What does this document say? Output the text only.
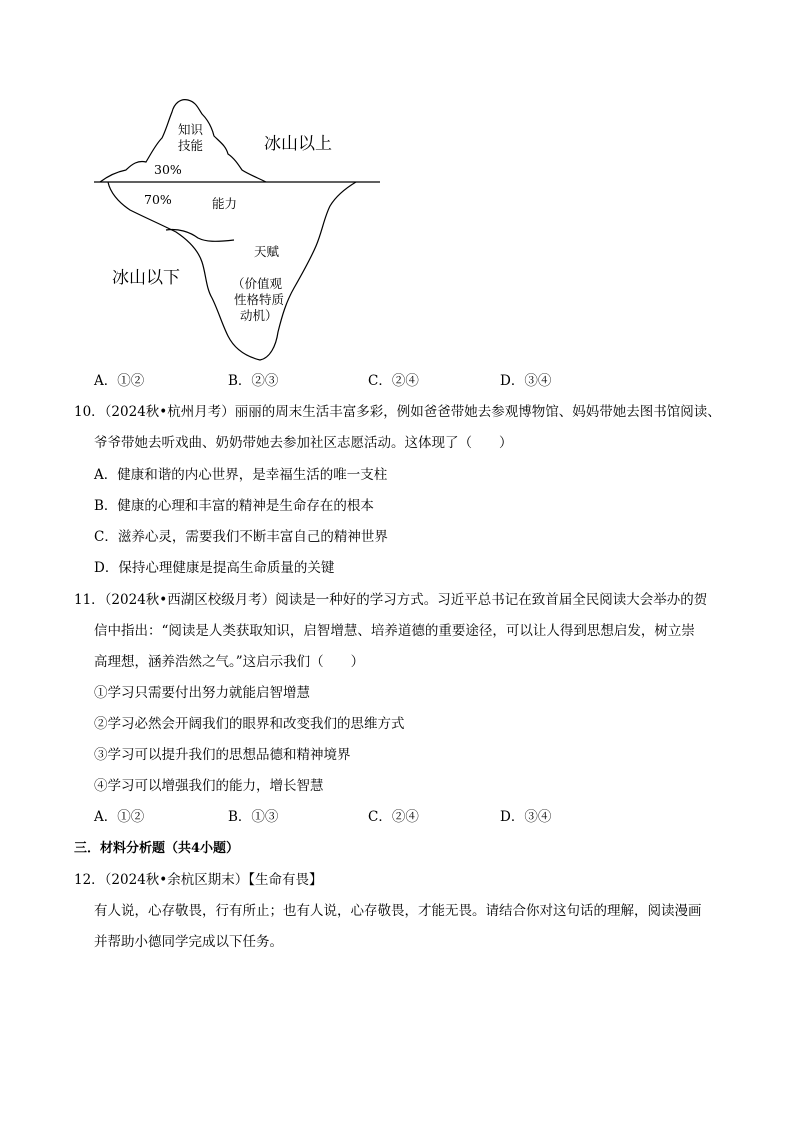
知识
技能
30%
冰山以上
70%	能力
天赋
冰山以下	（价值观
性格特质
动机）
A．①②	B．②③	C．②④	D．③④
10．（2024秋•杭州月考）丽丽的周末生活丰富多彩，例如爸爸带她去参观博物馆、妈妈带她去图书馆阅读、
爷爷带她去听戏曲、奶奶带她去参加社区志愿活动。这体现了（　　）
A．健康和谐的内心世界，是幸福生活的唯一支柱
B．健康的心理和丰富的精神是生命存在的根本
C．滋养心灵，需要我们不断丰富自己的精神世界
D．保持心理健康是提高生命质量的关键
11．（2024秋•西湖区校级月考）阅读是一种好的学习方式。习近平总书记在致首届全民阅读大会举办的贺
信中指出：“阅读是人类获取知识，启智增慧、培养道德的重要途径，可以让人得到思想启发，树立崇
高理想，涵养浩然之气。”这启示我们（　　）
①学习只需要付出努力就能启智增慧
②学习必然会开阔我们的眼界和改变我们的思维方式
③学习可以提升我们的思想品德和精神境界
④学习可以增强我们的能力，增长智慧
A．①②	B．①③	C．②④	D．③④
三．材料分析题（共4小题）
12．（2024秋•余杭区期末）【生命有畏】
有人说，心存敬畏，行有所止；也有人说，心存敬畏，才能无畏。请结合你对这句话的理解，阅读漫画
并帮助小德同学完成以下任务。
